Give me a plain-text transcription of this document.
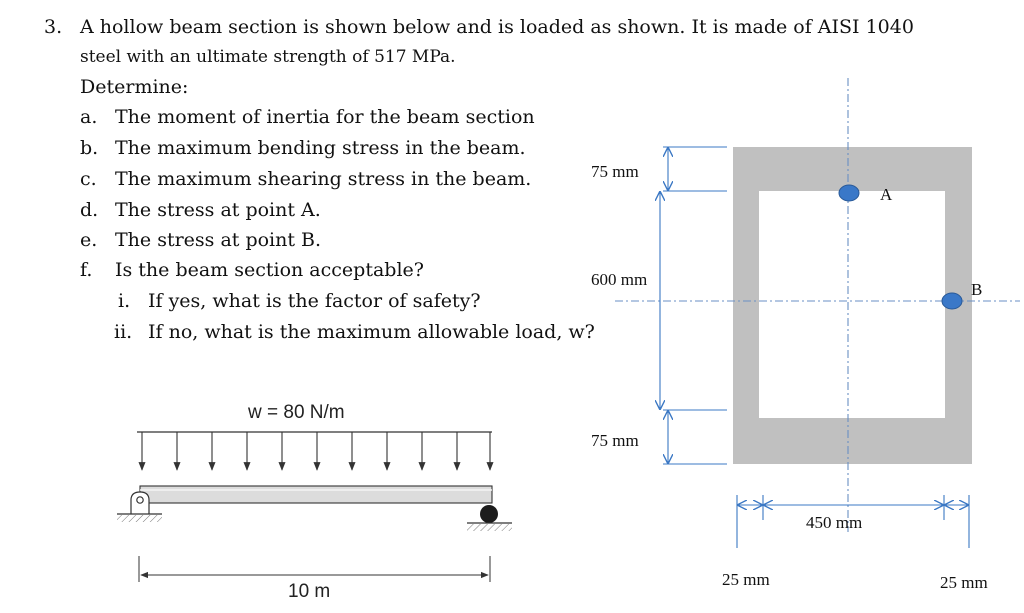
3. A hollow beam section is shown below and is loaded as shown. It is made of AISI 1040
steel with an ultimate strength of 517 MPa.
Determine:
a. The moment of inertia for the beam section
b. The maximum bending stress in the beam.
c. The maximum shearing stress in the beam.
d. The stress at point A.
e. The stress at point B.
f. Is the beam section acceptable?
i. If yes, what is the factor of safety?
ii. If no, what is the maximum allowable load, w?
w = 80 N/m
10 m
75 mm
600 mm
75 mm
450 mm
25 mm	25 mm
A
B
